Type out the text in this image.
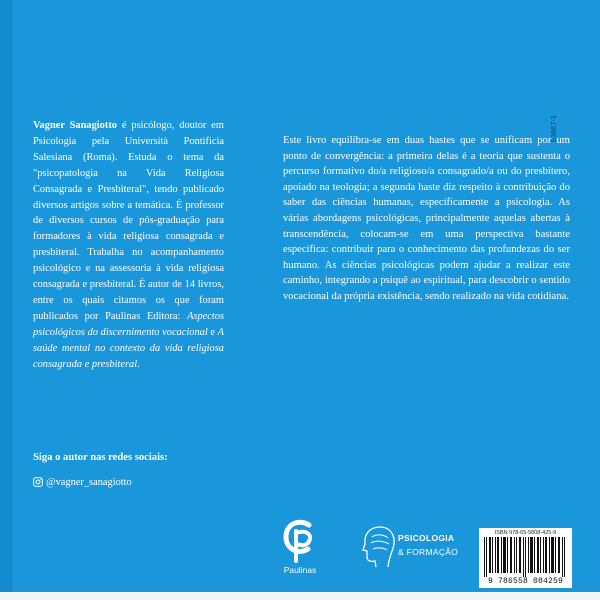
53867-1
Vagner Sanagiotto é psicólogo, doutor em Psicologia pela Università Pontificia Salesiana (Roma). Estuda o tema da "psicopatologia na Vida Religiosa Consagrada e Presbiteral", tendo publicado diversos artigos sobre a temática. É professor de diversos cursos de pós-graduação para formadores à vida religiosa consagrada e presbiteral. Trabalha no acompanhamento psicológico e na assessoria à vida religiosa consagrada e presbiteral. É autor de 14 livros, entre os quais citamos os que foram publicados por Paulinas Editora: Aspectos psicológicos do discernimento vocacional e A saúde mental no contexto da vida religiosa consagrada e presbiteral.
Siga o autor nas redes sociais:
@vagner_sanagiotto
Este livro equilibra-se em duas hastes que se unificam por um ponto de convergência: a primeira delas é a teoria que sustenta o percurso formativo do/a religioso/a consagrado/a ou do presbítero, apoiado na teologia; a segunda haste diz respeito à contribuição do saber das ciências humanas, especificamente a psicologia. As várias abordagens psicológicas, principalmente aquelas abertas à transcendência, colocam-se em uma perspectiva bastante específica: contribuir para o conhecimento das profundezas do ser humano. As ciências psicológicas podem ajudar a realizar este caminho, integrando a psiquê ao espiritual, para descobrir o sentido vocacional da própria existência, sendo realizado na vida cotidiana.
Paulinas
PSICOLOGIA
& FORMAÇÃO
ISBN 978-65-5808-425-9
9 786558 084259
